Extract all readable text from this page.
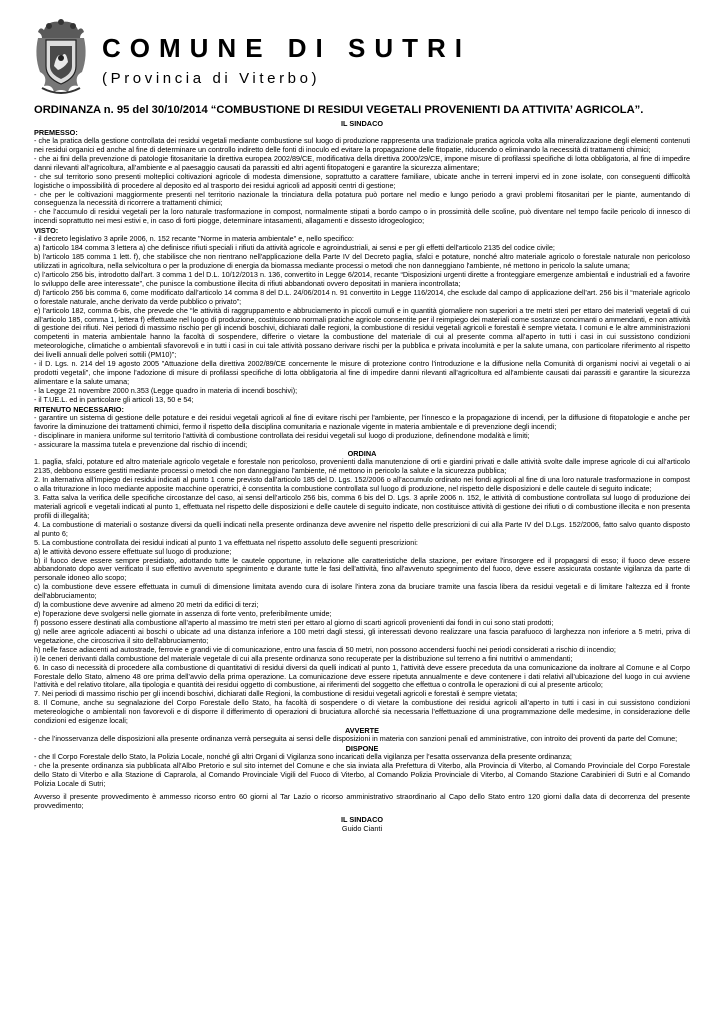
COMUNE DI SUTRI
(Provincia di Viterbo)
ORDINANZA n. 95 del 30/10/2014 “COMBUSTIONE DI RESIDUI VEGETALI PROVENIENTI DA ATTIVITA’ AGRICOLA”.
IL SINDACO
PREMESSO:

- che la pratica della gestione controllata dei residui vegetali mediante combustione sul luogo di produzione rappresenta una tradizionale pratica agricola volta alla mineralizzazione degli elementi contenuti nei residui organici ed anche al fine di determinare un controllo indiretto delle fonti di inoculo ed evitare la propagazione delle fitopatie, riducendo o eliminando la necessità di trattamenti chimici;

- che ai fini della prevenzione di patologie fitosanitarie la direttiva europea 2002/89/CE, modificativa della direttiva 2000/29/CE, impone misure di profilassi specifiche di lotta obbligatoria, al fine di impedire danni rilevanti all’agricoltura, all’ambiente e al paesaggio causati da parassiti ed altri agenti fitopatogeni e garantire la sicurezza alimentare;

- che sul territorio sono presenti molteplici coltivazioni agricole di modesta dimensione, soprattutto a carattere familiare, ubicate anche in terreni impervi ed in zone isolate, con conseguenti difficoltà logistiche o impossibilità di procedere al deposito ed al trasporto dei residui agricoli ad appositi centri di gestione;

- che per le coltivazioni maggiormente presenti nel territorio nazionale la trinciatura della potatura può portare nel medio e lungo periodo a gravi problemi fitosanitari per le piante, aumentando di conseguenza la necessità di ricorrere a trattamenti chimici;

- che l’accumulo di residui vegetali per la loro naturale trasformazione in compost, normalmente stipati a bordo campo o in prossimità delle scoline, può diventare nel tempo facile pericolo di innesco di incendi soprattutto nei mesi estivi e, in caso di forti piogge, determinare intasamenti, allagamenti e dissesto idrogeologico;

VISTO:

- il decreto legislativo 3 aprile 2006, n. 152 recante "Norme in materia ambientale" e, nello specifico:

a) l'articolo 184 comma 3 lettera a) che definisce rifiuti speciali i rifiuti da attività agricole e agroindustriali, ai sensi e per gli effetti dell'articolo 2135 del codice civile;

b) l'articolo 185 comma 1 lett. f), che stabilisce che non rientrano nell'applicazione della Parte IV del Decreto paglia, sfalci e potature, nonché altro materiale agricolo o forestale naturale non pericoloso utilizzati in agricoltura, nella selvicoltura o per la produzione di energia da biomassa mediante processi o metodi che non danneggiano l'ambiente, né mettono in pericolo la salute umana;

c) l’articolo 256 bis, introdotto dall’art. 3 comma 1 del D.L. 10/12/2013 n. 136, convertito in Legge 6/2014, recante “Disposizioni urgenti dirette a fronteggiare emergenze ambientali e industriali ed a favorire lo sviluppo delle aree interessate”, che punisce la combustione illecita di rifiuti abbandonati ovvero depositati in maniera incontrollata;

d) l’articolo 256 bis comma 6, come modificato dall’articolo 14 comma 8 del D.L. 24/06/2014 n. 91 convertito in Legge 116/2014, che esclude dal campo di applicazione dell’art. 256 bis il “materiale agricolo o forestale naturale, anche derivato da verde pubblico o privato”;

e) l’articolo 182, comma 6-bis, che prevede che “le attività di raggruppamento e abbruciamento in piccoli cumuli e in quantità giornaliere non superiori a tre metri steri per ettaro dei materiali vegetali di cui all’articolo 185, comma 1, lettera f) effettuate nel luogo di produzione, costituiscono normali pratiche agricole consentite per il reimpiego dei materiali come sostanze concimanti o ammendanti, e non attività di gestione dei rifiuti. Nei periodi di massimo rischio per gli incendi boschivi, dichiarati dalle regioni, la combustione di residui vegetali agricoli e forestali è sempre vietata. I comuni e le altre amministrazioni competenti in materia ambientale hanno la facoltà di sospendere, differire o vietare la combustione del materiale di cui al presente comma all’aperto in tutti i casi in cui sussistono condizioni meteorologiche, climatiche o ambientali sfavorevoli e in tutti i casi in cui tale attività possano derivare rischi per la pubblica e privata incolumità e per la salute umana, con particolare riferimento al rispetto dei livelli annuali delle polveri sottili (PM10)”;

- il D. Lgs. n. 214 del 19 agosto 2005 "Attuazione della direttiva 2002/89/CE concernente le misure di protezione contro l'introduzione e la diffusione nella Comunità di organismi nocivi ai vegetali o ai prodotti vegetali", che impone l’adozione di misure di profilassi specifiche di lotta obbligatoria al fine di impedire danni rilevanti all'agricoltura ed all'ambiente causati dai parassiti e garantire la sicurezza alimentare e la salute umana;

- la Legge 21 novembre 2000 n.353 (Legge quadro in materia di incendi boschivi);

- il T.UE.L. ed in particolare gli articoli 13, 50 e 54;

RITENUTO NECESSARIO:

- garantire un sistema di gestione delle potature e dei residui vegetali agricoli al fine di evitare rischi per l'ambiente, per l’innesco e la propagazione di incendi, per la diffusione di fitopatologie e anche per favorire la diminuzione dei trattamenti chimici, fermo il rispetto della disciplina comunitaria e nazionale vigente in materia ambientale e di prevenzione degli incendi;

- disciplinare in maniera uniforme sul territorio l’attività di combustione controllata dei residui vegetali sul luogo di produzione, definendone modalità e limiti;

- assicurare la massima tutela e prevenzione dal rischio di incendi;

ORDINA

1. paglia, sfalci, potature ed altro materiale agricolo vegetale e forestale non pericoloso, provenienti dalla manutenzione di orti e giardini privati e dalle attività svolte dalle imprese agricole di cui all’articolo 2135, debbono essere gestiti mediante processi o metodi che non danneggiano l’ambiente, né mettono in pericolo la salute e la sicurezza pubblica;

2. In alternativa all’impiego dei residui indicati al punto 1 come previsto dall’articolo 185 del D. Lgs. 152/2006 o all’accumulo ordinato nei fondi agricoli al fine di una loro naturale trasformazione in compost o alla triturazione in loco mediante apposite macchine operatrici, è consentita la combustione controllata sul luogo di produzione, nel rispetto delle disposizioni e delle cautele di seguito indicate;

3. Fatta salva la verifica delle specifiche circostanze del caso, ai sensi dell’articolo 256 bis, comma 6 bis del D. Lgs. 3 aprile 2006 n. 152, le attività di combustione controllata sul luogo di produzione dei materiali agricoli e vegetali indicati al punto 1, effettuata nel rispetto delle disposizioni e delle cautele di seguito indicate, non costituisce attività di gestione dei rifiuti o di combustione illecita e non presenta profili di illegalità;

4. La combustione di materiali o sostanze diversi da quelli indicati nella presente ordinanza deve avvenire nel rispetto delle prescrizioni di cui alla Parte IV del D.Lgs. 152/2006, fatto salvo quanto disposto al punto 6;

5. La combustione controllata dei residui indicati al punto 1 va effettuata nel rispetto assoluto delle seguenti prescrizioni:

a) le attività devono essere effettuate sul luogo di produzione;

b) il fuoco deve essere sempre presidiato, adottando tutte le cautele opportune, in relazione alle caratteristiche della stazione, per evitare l'insorgere ed il propagarsi di esso; il fuoco deve essere abbandonato dopo aver verificato il suo effettivo avvenuto spegnimento e durante tutte le fasi dell'attività, fino all'avvenuto spegnimento del fuoco, deve essere assicurata costante vigilanza da parte di personale idoneo allo scopo;

c) la combustione deve essere effettuata in cumuli di dimensione limitata avendo cura di isolare l'intera zona da bruciare tramite una fascia libera da residui vegetali e di limitare l'altezza ed il fronte dell'abbruciamento;

d) la combustione deve avvenire ad almeno 20 metri da edifici di terzi;

e) l'operazione deve svolgersi nelle giornate in assenza di forte vento, preferibilmente umide;

f) possono essere destinati alla combustione all’aperto al massimo tre metri steri per ettaro al giorno di scarti agricoli provenienti dai fondi in cui sono stati prodotti;

g) nelle aree agricole adiacenti ai boschi o ubicate ad una distanza inferiore a 100 metri dagli stessi, gli interessati devono realizzare una fascia parafuoco di larghezza non inferiore a 5 metri, priva di vegetazione, che circoscriva il sito dell'abbruciamento;

h) nelle fasce adiacenti ad autostrade, ferrovie e grandi vie di comunicazione, entro una fascia di 50 metri, non possono accendersi fuochi nei periodi considerati a rischio di incendio;

i) le ceneri derivanti dalla combustione del materiale vegetale di cui alla presente ordinanza sono recuperate per la distribuzione sul terreno a fini nutritivi o ammendanti;

6. In caso di necessità di procedere alla combustione di quantitativi di residui diversi da quelli indicati al punto 1, l’attività deve essere preceduta da una comunicazione da inoltrare al Comune e al Corpo Forestale dello Stato, almeno 48 ore prima dell’avvio della prima operazione. La comunicazione deve essere ripetuta annualmente e deve contenere i dati relativi all’ubicazione del luogo in cui avviene l’attività e del relativo titolare, alla tipologia e quantità dei residui oggetto di combustione, ai riferimenti del soggetto che effettua o controlla le operazioni di cui al presente articolo;

7. Nei periodi di massimo rischio per gli incendi boschivi, dichiarati dalle Regioni, la combustione di residui vegetali agricoli e forestali è sempre vietata;

8. Il Comune, anche su segnalazione del Corpo Forestale dello Stato, ha facoltà di sospendere o di vietare la combustione dei residui agricoli all’aperto in tutti i casi in cui sussistono condizioni metereologiche o ambientali non favorevoli e di disporre il differimento di operazioni di bruciatura allorché sia necessaria l’effettuazione di una programmazione delle medesime, in considerazione delle condizioni ed esigenze locali;

AVVERTE

- che l’inosservanza delle disposizioni alla presente ordinanza verrà perseguita ai sensi delle disposizioni in materia con sanzioni penali ed amministrative, con introito dei proventi da parte del Comune;

DISPONE

- che Il Corpo Forestale dello Stato, la Polizia Locale, nonché gli altri Organi di Vigilanza sono incaricati della vigilanza per l’esatta osservanza della presente ordinanza;

- che la presente ordinanza sia pubblicata all’Albo Pretorio e sul sito internet del Comune e che sia inviata alla Prefettura di Viterbo, alla Provincia di Viterbo, al Comando Provinciale del Corpo Forestale dello Stato di Viterbo e alla Stazione di Caprarola, al Comando Provinciale Vigili del Fuoco di Viterbo, al Comando Polizia Provinciale di Viterbo, al Comando Stazione Carabinieri di Sutri e al Comando Polizia Locale di Sutri;

Avverso il presente provvedimento è ammesso ricorso entro 60 giorni al Tar Lazio o ricorso amministrativo straordinario al Capo dello Stato entro 120 giorni dalla data di decorrenza del presente provvedimento;

IL SINDACO
Guido Cianti
